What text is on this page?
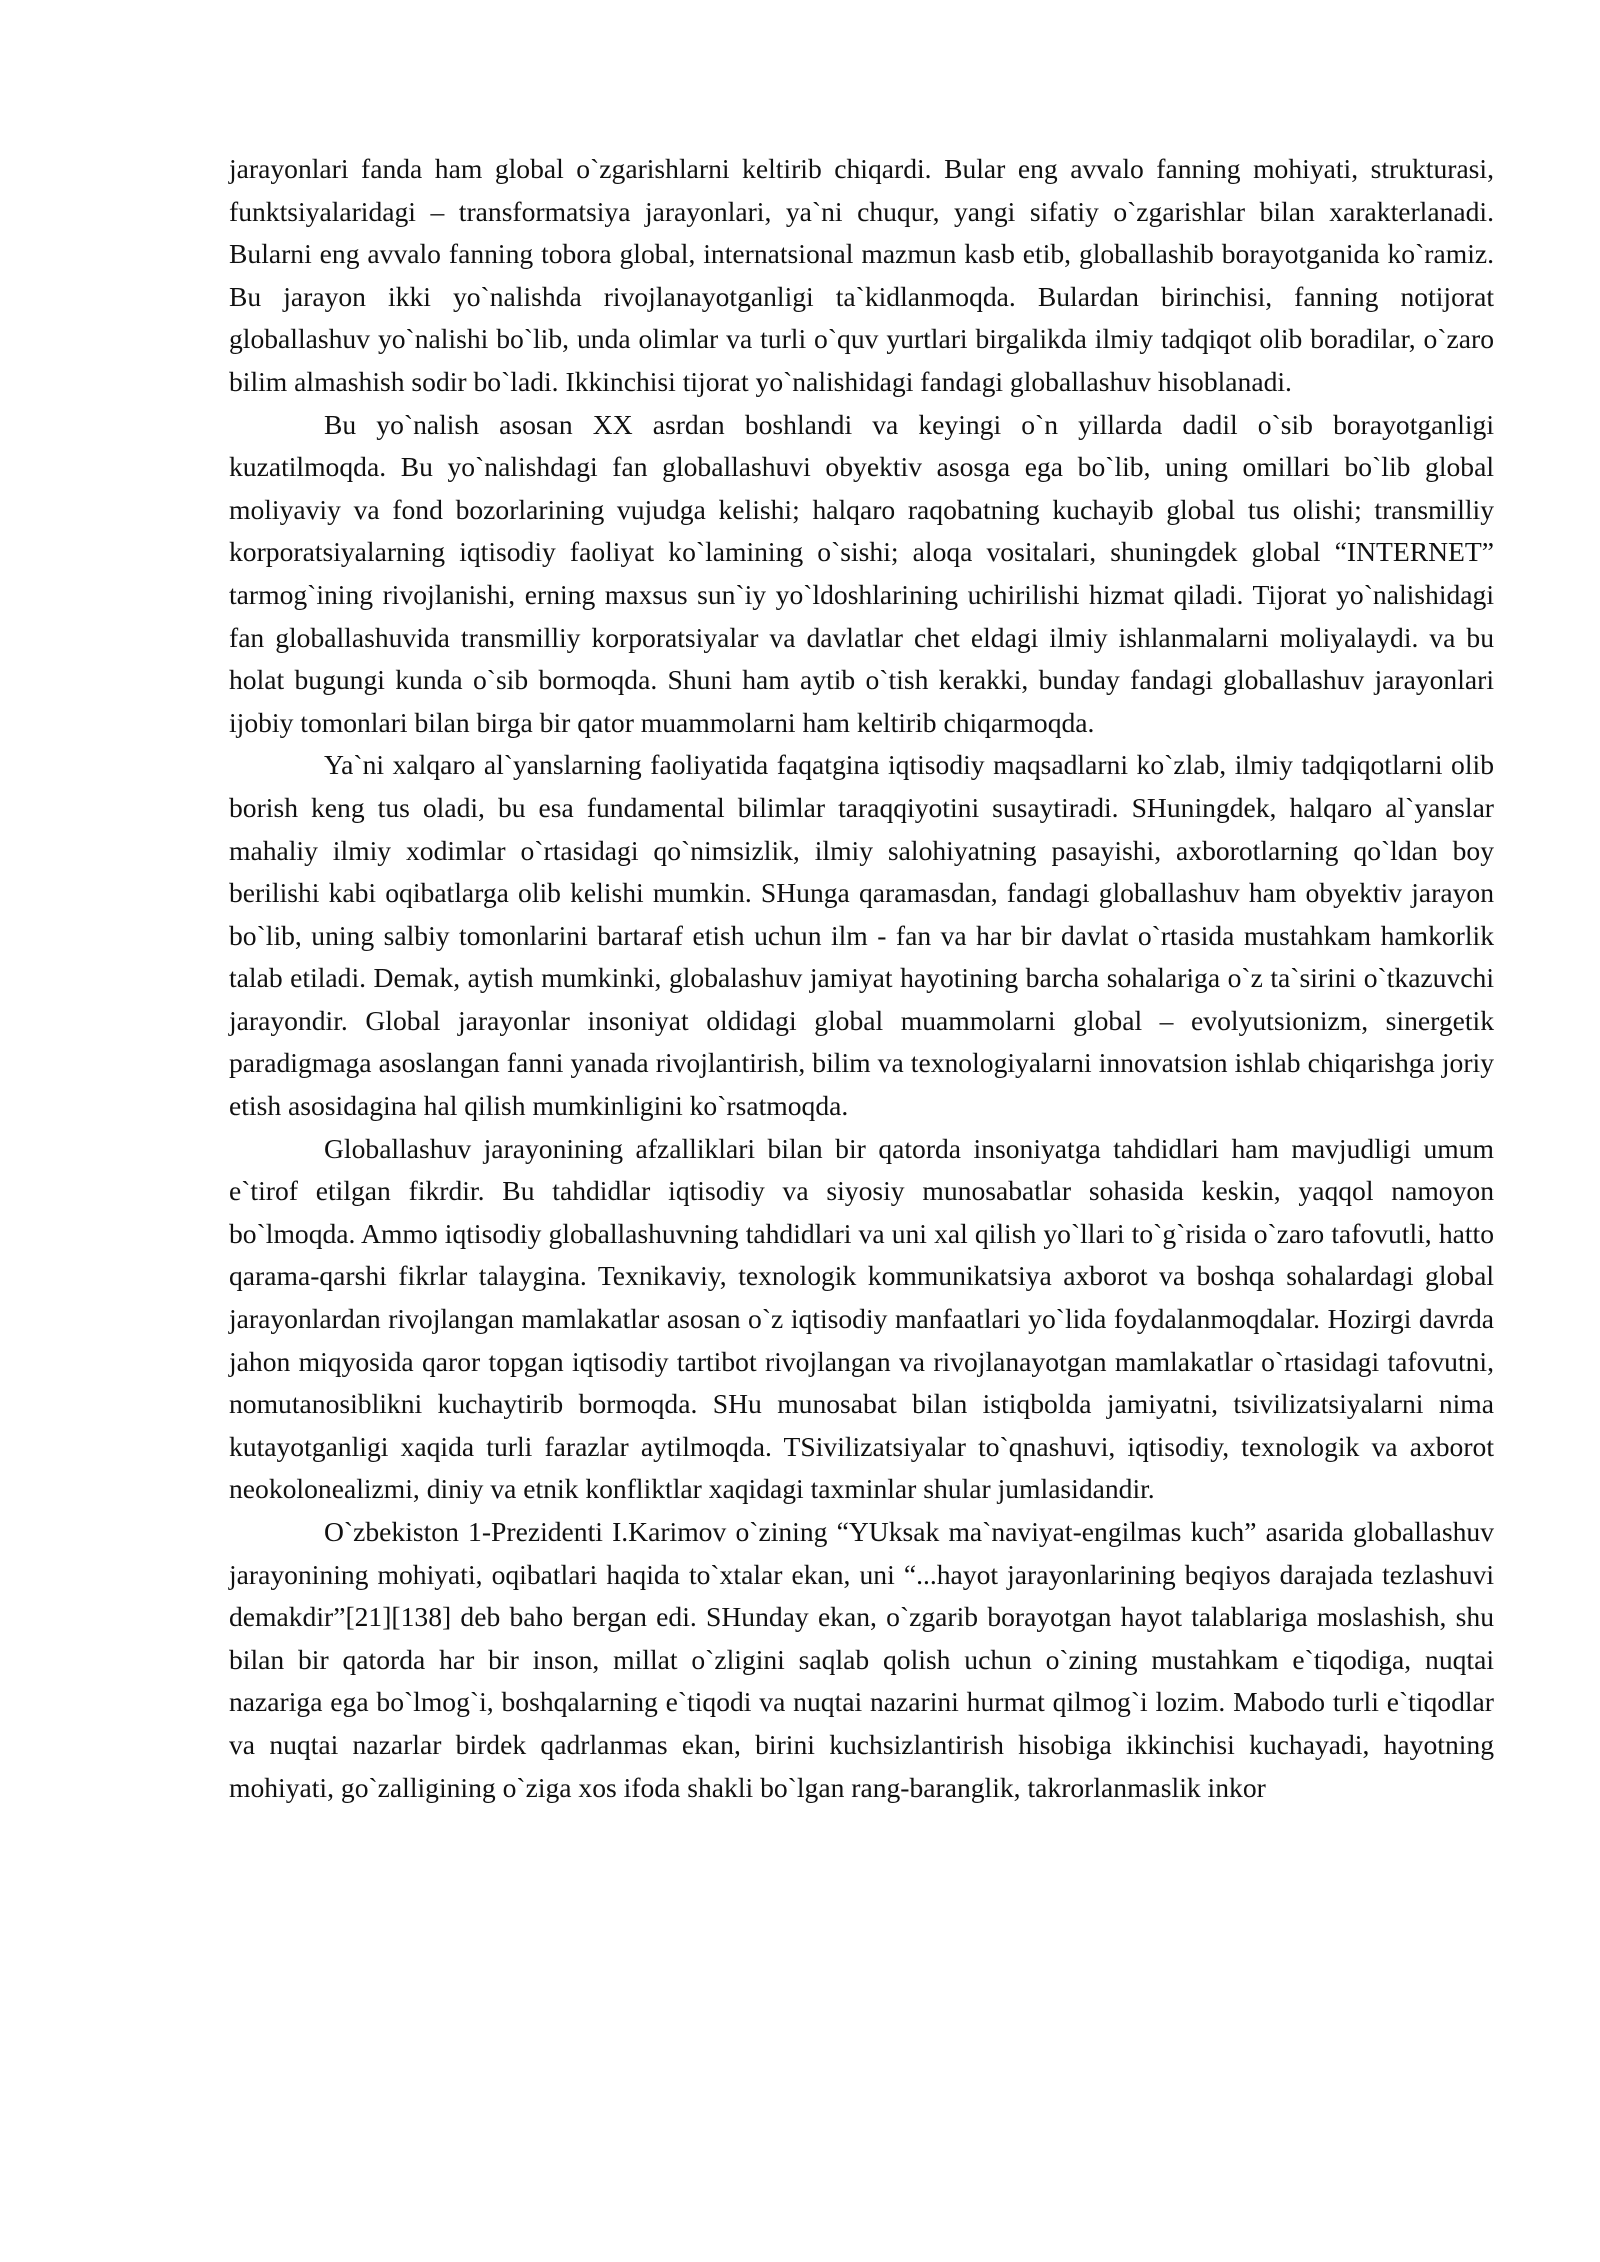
jarayonlari fanda ham global o`zgarishlarni keltirib chiqardi. Bular eng avvalo fanning mohiyati, strukturasi, funktsiyalaridagi – transformatsiya jarayonlari, ya`ni chuqur, yangi sifatiy o`zgarishlar bilan xarakterlanadi. Bularni eng avvalo fanning tobora global, internatsional mazmun kasb etib, globallashib borayotganida ko`ramiz. Bu jarayon ikki yo`nalishda rivojlanayotganligi ta`kidlanmoqda. Bulardan birinchisi, fanning notijorat globallashuv yo`nalishi bo`lib, unda olimlar va turli o`quv yurtlari birgalikda ilmiy tadqiqot olib boradilar, o`zaro bilim almashish sodir bo`ladi. Ikkinchisi tijorat yo`nalishidagi fandagi globallashuv hisoblanadi.

Bu yo`nalish asosan XX asrdan boshlandi va keyingi o`n yillarda dadil o`sib borayotganligi kuzatilmoqda. Bu yo`nalishdagi fan globallashuvi obyektiv asosga ega bo`lib, uning omillari bo`lib global moliyaviy va fond bozorlarining vujudga kelishi; halqaro raqobatning kuchayib global tus olishi; transmilliy korporatsiyalarning iqtisodiy faoliyat ko`lamining o`sishi; aloqa vositalari, shuningdek global “INTERNET” tarmog`ining rivojlanishi, erning maxsus sun`iy yo`ldoshlarining uchirilishi hizmat qiladi. Tijorat yo`nalishidagi fan globallashuvida transmilliy korporatsiyalar va davlatlar chet eldagi ilmiy ishlanmalarni moliyalaydi. va bu holat bugungi kunda o`sib bormoqda. Shuni ham aytib o`tish kerakki, bunday fandagi globallashuv jarayonlari ijobiy tomonlari bilan birga bir qator muammolarni ham keltirib chiqarmoqda.

Ya`ni xalqaro al`yanslarning faoliyatida faqatgina iqtisodiy maqsadlarni ko`zlab, ilmiy tadqiqotlarni olib borish keng tus oladi, bu esa fundamental bilimlar taraqqiyotini susaytiradi. SHuningdek, halqaro al`yanslar mahaliy ilmiy xodimlar o`rtasidagi qo`nimsizlik, ilmiy salohiyatning pasayishi, axborotlarning qo`ldan boy berilishi kabi oqibatlarga olib kelishi mumkin. SHunga qaramasdan, fandagi globallashuv ham obyektiv jarayon bo`lib, uning salbiy tomonlarini bartaraf etish uchun ilm - fan va har bir davlat o`rtasida mustahkam hamkorlik talab etiladi. Demak, aytish mumkinki, globalashuv jamiyat hayotining barcha sohalariga o`z ta`sirini o`tkazuvchi jarayondir. Global jarayonlar insoniyat oldidagi global muammolarni global – evolyutsionizm, sinergetik paradigmaga asoslangan fanni yanada rivojlantirish, bilim va texnologiyalarni innovatsion ishlab chiqarishga joriy etish asosidagina hal qilish mumkinligini ko`rsatmoqda.

Globallashuv jarayonining afzalliklari bilan bir qatorda insoniyatga tahdidlari ham mavjudligi umum e`tirof etilgan fikrdir. Bu tahdidlar iqtisodiy va siyosiy munosabatlar sohasida keskin, yaqqol namoyon bo`lmoqda. Ammo iqtisodiy globallashuvning tahdidlari va uni xal qilish yo`llari to`g`risida o`zaro tafovutli, hatto qarama-qarshi fikrlar talaygina. Texnikaviy, texnologik kommunikatsiya axborot va boshqa sohalardagi global jarayonlardan rivojlangan mamlakatlar asosan o`z iqtisodiy manfaatlari yo`lida foydalanmoqdalar. Hozirgi davrda jahon miqyosida qaror topgan iqtisodiy tartibot rivojlangan va rivojlanayotgan mamlakatlar o`rtasidagi tafovutni, nomutanosiblikni kuchaytirib bormoqda. SHu munosabat bilan istiqbolda jamiyatni, tsivilizatsiyalarni nima kutayotganligi xaqida turli farazlar aytilmoqda. TSivilizatsiyalar to`qnashuvi, iqtisodiy, texnologik va axborot neokolonealizmi, diniy va etnik konfliktlar xaqidagi taxminlar shular jumlasidandir.

O`zbekiston 1-Prezidenti I.Karimov o`zining “YUksak ma`naviyat-engilmas kuch” asarida globallashuv jarayonining mohiyati, oqibatlari haqida to`xtalar ekan, uni “...hayot jarayonlarining beqiyos darajada tezlashuvi demakdir”[21][138] deb baho bergan edi. SHunday ekan, o`zgarib borayotgan hayot talablariga moslashish, shu bilan bir qatorda har bir inson, millat o`zligini saqlab qolish uchun o`zining mustahkam e`tiqodiga, nuqtai nazariga ega bo`lmog`i, boshqalarning e`tiqodi va nuqtai nazarini hurmat qilmog`i lozim. Mabodo turli e`tiqodlar va nuqtai nazarlar birdek qadrlanmas ekan, birini kuchsizlantirish hisobiga ikkinchisi kuchayadi, hayotning mohiyati, go`zalligining o`ziga xos ifoda shakli bo`lgan rang-baranglik, takrorlanmaslik inkor
